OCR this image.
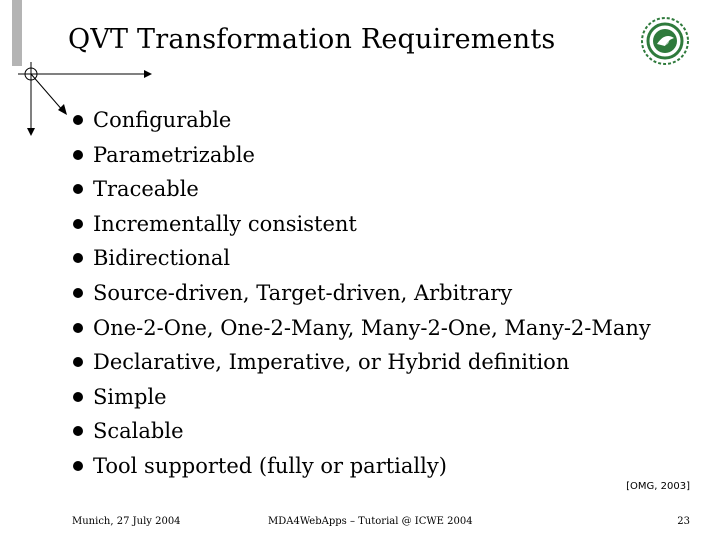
QVT Transformation Requirements
Configurable
Parametrizable
Traceable
Incrementally consistent
Bidirectional
Source-driven, Target-driven, Arbitrary
One-2-One, One-2-Many, Many-2-One, Many-2-Many
Declarative, Imperative, or Hybrid definition
Simple
Scalable
Tool supported (fully or partially)
[OMG, 2003]
Munich, 27 July 2004	MDA4WebApps – Tutorial @ ICWE 2004	23
